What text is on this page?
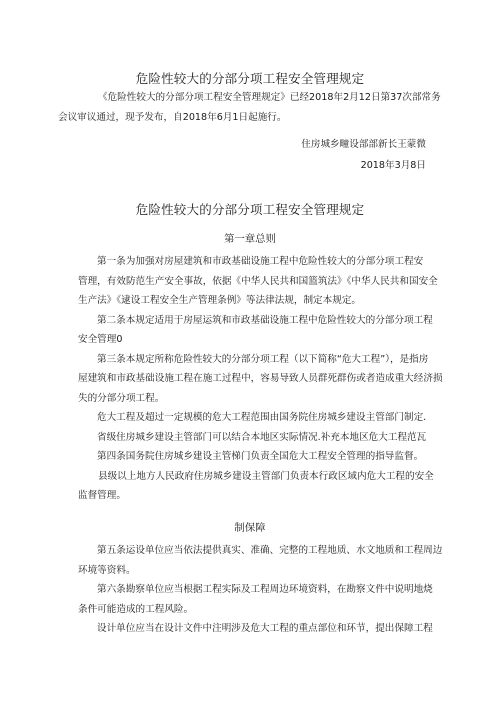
危险性较大的分部分项工程安全管理规定

《危险性较大的分部分项工程安全管理规定》已经2018年2月12日第37次部常务

会议审议通过，现予发布，自2018年6月1日起施行。

住房城乡疃设部部新长王蒙微
2018年3月8日
危险性较大的分部分项工程安全管理规定
第一章总则

第一条为加强对房屋建筑和市政基础设施工程中危险性较大的分部分项工程安

管理，有效防范生产安全事故，依据《中华人民共和国篮筑法》《中华人民共和国安全

生产法》《逮设工程安全生产管理条例》等法律法规，制定本规定。

第二条本规定适用于房屋运筑和市政基础设施工程中危险性较大的分部分项工程

安全管理0

第三条本规定所称危险性较大的分部分项工程（以下简称“危大工程”），是指房

屋建筑和市政基础设施工程在施工过程中，容易导致人员群死群伤或者造成重大经济损

失的分部分项工程。

危大工程及超过一定规模的危大工程范围由国务院住房城乡建设主管部门制定.

省级住房城乡建设主管部门可以结合本地区实际情况.补充本地区危大工程范瓦

第四条国务院住房城乡建设主管梯门负责全国危大工程安全管理的指导监督。

县级以上地方人民政府住房城乡建设主管部门负责本行政区域内危大工程的安全

监督管理。

制保障

第五条运设单位应当依法提供真实、准确、完整的工程地质、水文地质和工程周边

环境等资料。

第六条勘察单位应当根据工程实际及工程周边环境资料，在勘察文件中说明地烧

条件可能造成的工程风险。

设计单位应当在设计文件中注明涉及危大工程的重点部位和环节，提出保障工程
